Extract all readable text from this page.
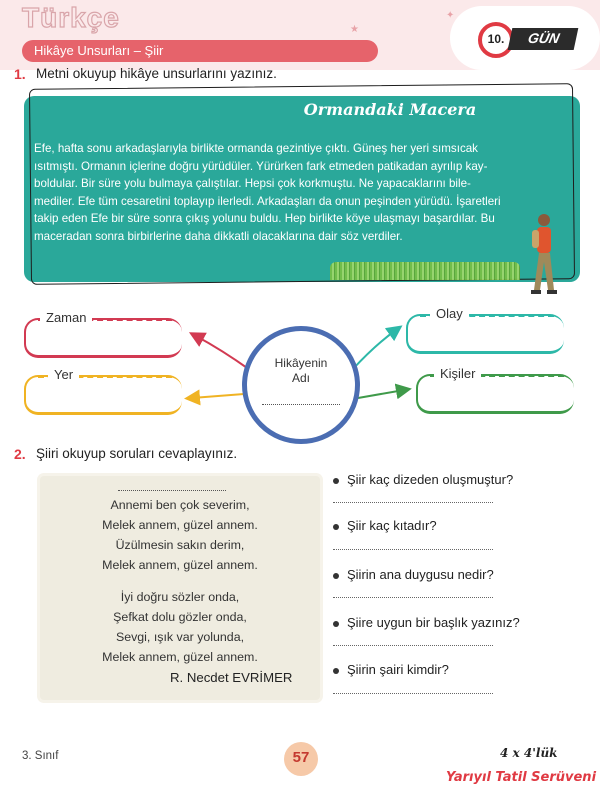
Türkçe
Hikâye Unsurları – Şiir
★
✦
10.	GÜN
1. Metni okuyup hikâye unsurlarını yazınız.
Ormandaki Macera
Efe, hafta sonu arkadaşlarıyla birlikte ormanda gezintiye çıktı. Güneş her yeri sımsıcak
ısıtmıştı. Ormanın içlerine doğru yürüdüler. Yürürken fark etmeden patikadan ayrılıp kay-
boldular. Bir süre yolu bulmaya çalıştılar. Hepsi çok korkmuştu. Ne yapacaklarını bile-
mediler. Efe tüm cesaretini toplayıp ilerledi. Arkadaşları da onun peşinden yürüdü. İşaretleri
takip eden Efe bir süre sonra çıkış yolunu buldu. Hep birlikte köye ulaşmayı başardılar. Bu
maceradan sonra birbirlerine daha dikkatli olacaklarına dair söz verdiler.
Zaman
Yer
Olay
Kişiler
Hikâyenin
Adı
2. Şiiri okuyup soruları cevaplayınız.
Annemi ben çok severim,
Melek annem, güzel annem.
Üzülmesin sakın derim,
Melek annem, güzel annem.
İyi doğru sözler onda,
Şefkat dolu gözler onda,
Sevgi, ışık var yolunda,
Melek annem, güzel annem.
R. Necdet EVRİMER
Şiir kaç dizeden oluşmuştur?
Şiir kaç kıtadır?
Şiirin ana duygusu nedir?
Şiire uygun bir başlık yazınız?
Şiirin şairi kimdir?
3. Sınıf	57	4 x 4'lük
Yarıyıl Tatil Serüveni
